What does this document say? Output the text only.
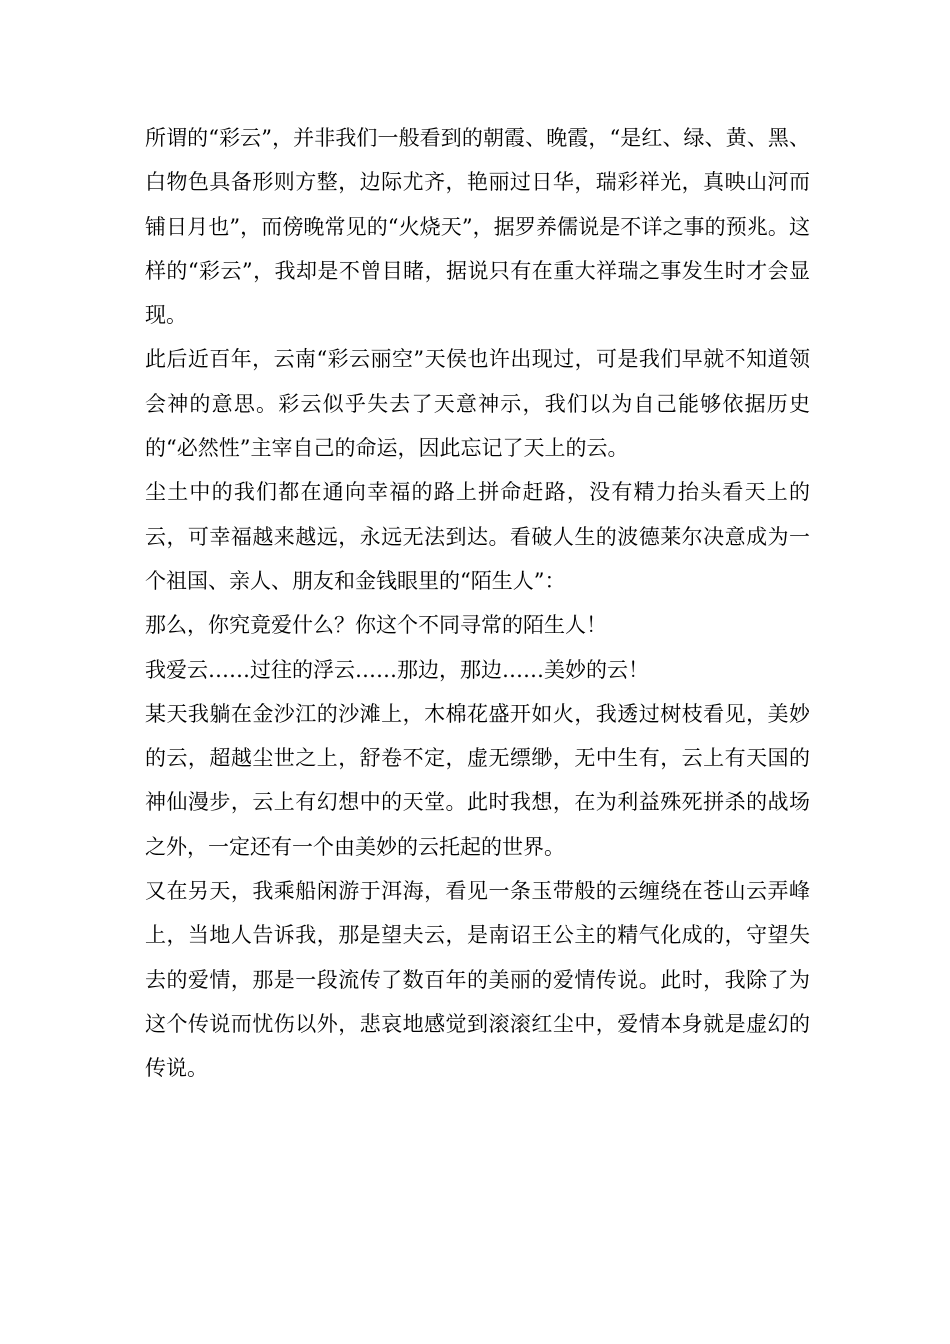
所谓的“彩云”，并非我们一般看到的朝霞、晚霞，“是红、绿、黄、黑、白物色具备形则方整，边际尤齐，艳丽过日华，瑞彩祥光，真映山河而铺日月也”，而傍晚常见的“火烧天”，据罗养儒说是不详之事的预兆。这样的“彩云”，我却是不曾目睹，据说只有在重大祥瑞之事发生时才会显现。

此后近百年，云南“彩云丽空”天侯也许出现过，可是我们早就不知道领会神的意思。彩云似乎失去了天意神示，我们以为自己能够依据历史的“必然性”主宰自己的命运，因此忘记了天上的云。

尘土中的我们都在通向幸福的路上拼命赶路，没有精力抬头看天上的云，可幸福越来越远，永远无法到达。看破人生的波德莱尔决意成为一个祖国、亲人、朋友和金钱眼里的“陌生人”：

那么，你究竟爱什么？你这个不同寻常的陌生人！

我爱云……过往的浮云……那边，那边……美妙的云！

某天我躺在金沙江的沙滩上，木棉花盛开如火，我透过树枝看见，美妙的云，超越尘世之上，舒卷不定，虚无缥缈，无中生有，云上有天国的神仙漫步，云上有幻想中的天堂。此时我想，在为利益殊死拼杀的战场之外，一定还有一个由美妙的云托起的世界。

又在另天，我乘船闲游于洱海，看见一条玉带般的云缠绕在苍山云弄峰上，当地人告诉我，那是望夫云，是南诏王公主的精气化成的，守望失去的爱情，那是一段流传了数百年的美丽的爱情传说。此时，我除了为这个传说而忧伤以外，悲哀地感觉到滚滚红尘中，爱情本身就是虚幻的传说。
